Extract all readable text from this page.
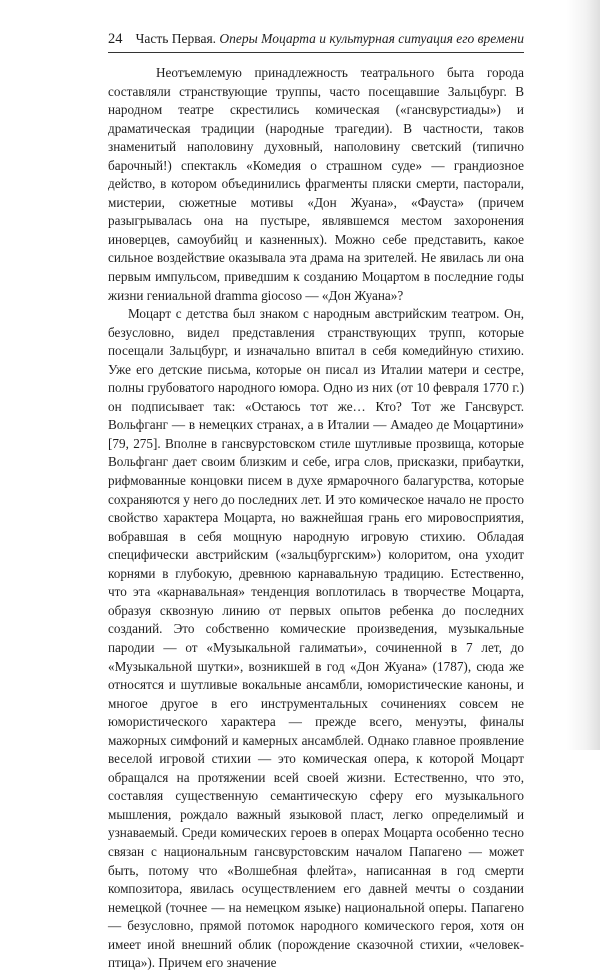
24 Часть Первая. Оперы Моцарта и культурная ситуация его времени

Неотъемлемую принадлежность театрального быта города составляли странствующие труппы, часто посещавшие Зальцбург. В народном театре скрестились комическая («гансвурстиады») и драматическая традиции (народные трагедии). В частности, таков знаменитый наполовину духовный, наполовину светский (типично барочный!) спектакль «Комедия о страшном суде» — грандиозное действо, в котором объединились фрагменты пляски смерти, пасторали, мистерии, сюжетные мотивы «Дон Жуана», «Фауста» (причем разыгрывалась она на пустыре, являвшемся местом захоронения иноверцев, самоубийц и казненных). Можно себе представить, какое сильное воздействие оказывала эта драма на зрителей. Не явилась ли она первым импульсом, приведшим к созданию Моцартом в последние годы жизни гениальной dramma giocoso — «Дон Жуана»?

Моцарт с детства был знаком с народным австрийским театром. Он, безусловно, видел представления странствующих трупп, которые посещали Зальцбург, и изначально впитал в себя комедийную стихию. Уже его детские письма, которые он писал из Италии матери и сестре, полны грубоватого народного юмора. Одно из них (от 10 февраля 1770 г.) он подписывает так: «Остаюсь тот же… Кто? Тот же Гансвурст. Вольфганг — в немецких странах, а в Италии — Амадео де Моцартини» [79, 275]. Вполне в гансвурстовском стиле шутливые прозвища, которые Вольфганг дает своим близким и себе, игра слов, присказки, прибаутки, рифмованные концовки писем в духе ярмарочного балагурства, которые сохраняются у него до последних лет. И это комическое начало не просто свойство характера Моцарта, но важнейшая грань его мировосприятия, вобравшая в себя мощную народную игровую стихию. Обладая специфически австрийским («зальцбургским») колоритом, она уходит корнями в глубокую, древнюю карнавальную традицию. Естественно, что эта «карнавальная» тенденция воплотилась в творчестве Моцарта, образуя сквозную линию от первых опытов ребенка до последних созданий. Это собственно комические произведения, музыкальные пародии — от «Музыкальной галиматьи», сочиненной в 7 лет, до «Музыкальной шутки», возникшей в год «Дон Жуана» (1787), сюда же относятся и шутливые вокальные ансамбли, юмористические каноны, и многое другое в его инструментальных сочинениях совсем не юмористического характера — прежде всего, менуэты, финалы мажорных симфоний и камерных ансамблей. Однако главное проявление веселой игровой стихии — это комическая опера, к которой Моцарт обращался на протяжении всей своей жизни. Естественно, что это, составляя существенную семантическую сферу его музыкального мышления, рождало важный языковой пласт, легко определимый и узнаваемый. Среди комических героев в операх Моцарта особенно тесно связан с национальным гансвурстовским началом Папагено — может быть, потому что «Волшебная флейта», написанная в год смерти композитора, явилась осуществлением его давней мечты о создании немецкой (точнее — на немецком языке) национальной оперы. Папагено — безусловно, прямой потомок народного комического героя, хотя он имеет иной внешний облик (порождение сказочной стихии, «человек-птица»). Причем его значение
